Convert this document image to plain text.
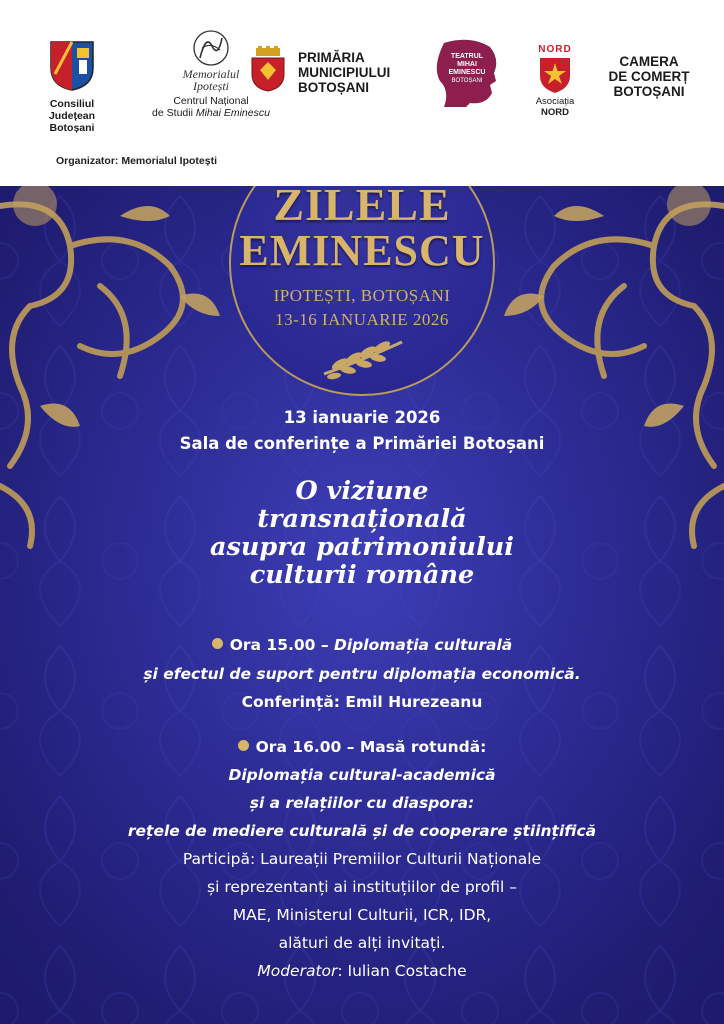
Consiliul
Județean
Botoșani
Memorialul
Ipotești
Centrul Național
de Studii Mihai Eminescu
PRIMĂRIA
MUNICIPIULUI
BOTOȘANI
TEATRUL
MIHAI
EMINESCU
BOTOȘANI
NORD
Asociația
NORD
CAMERA
DE COMERȚ
BOTOȘANI
Organizator: Memorialul Ipotești
ZILELE
EMINESCU
IPOTEȘTI, BOTOȘANI
13-16 IANUARIE 2026
13 ianuarie 2026
Sala de conferințe a Primăriei Botoșani
O viziune
transnațională
asupra patrimoniului
culturii române
Ora 15.00 – Diplomația culturală
și efectul de suport pentru diplomația economică.
Conferință: Emil Hurezeanu
Ora 16.00 – Masă rotundă:
Diplomația cultural-academică
și a relațiilor cu diaspora:
rețele de mediere culturală și de cooperare științifică
Participă: Laureații Premiilor Culturii Naționale
și reprezentanți ai instituțiilor de profil –
MAE, Ministerul Culturii, ICR, IDR,
alături de alți invitați.
Moderator: Iulian Costache
